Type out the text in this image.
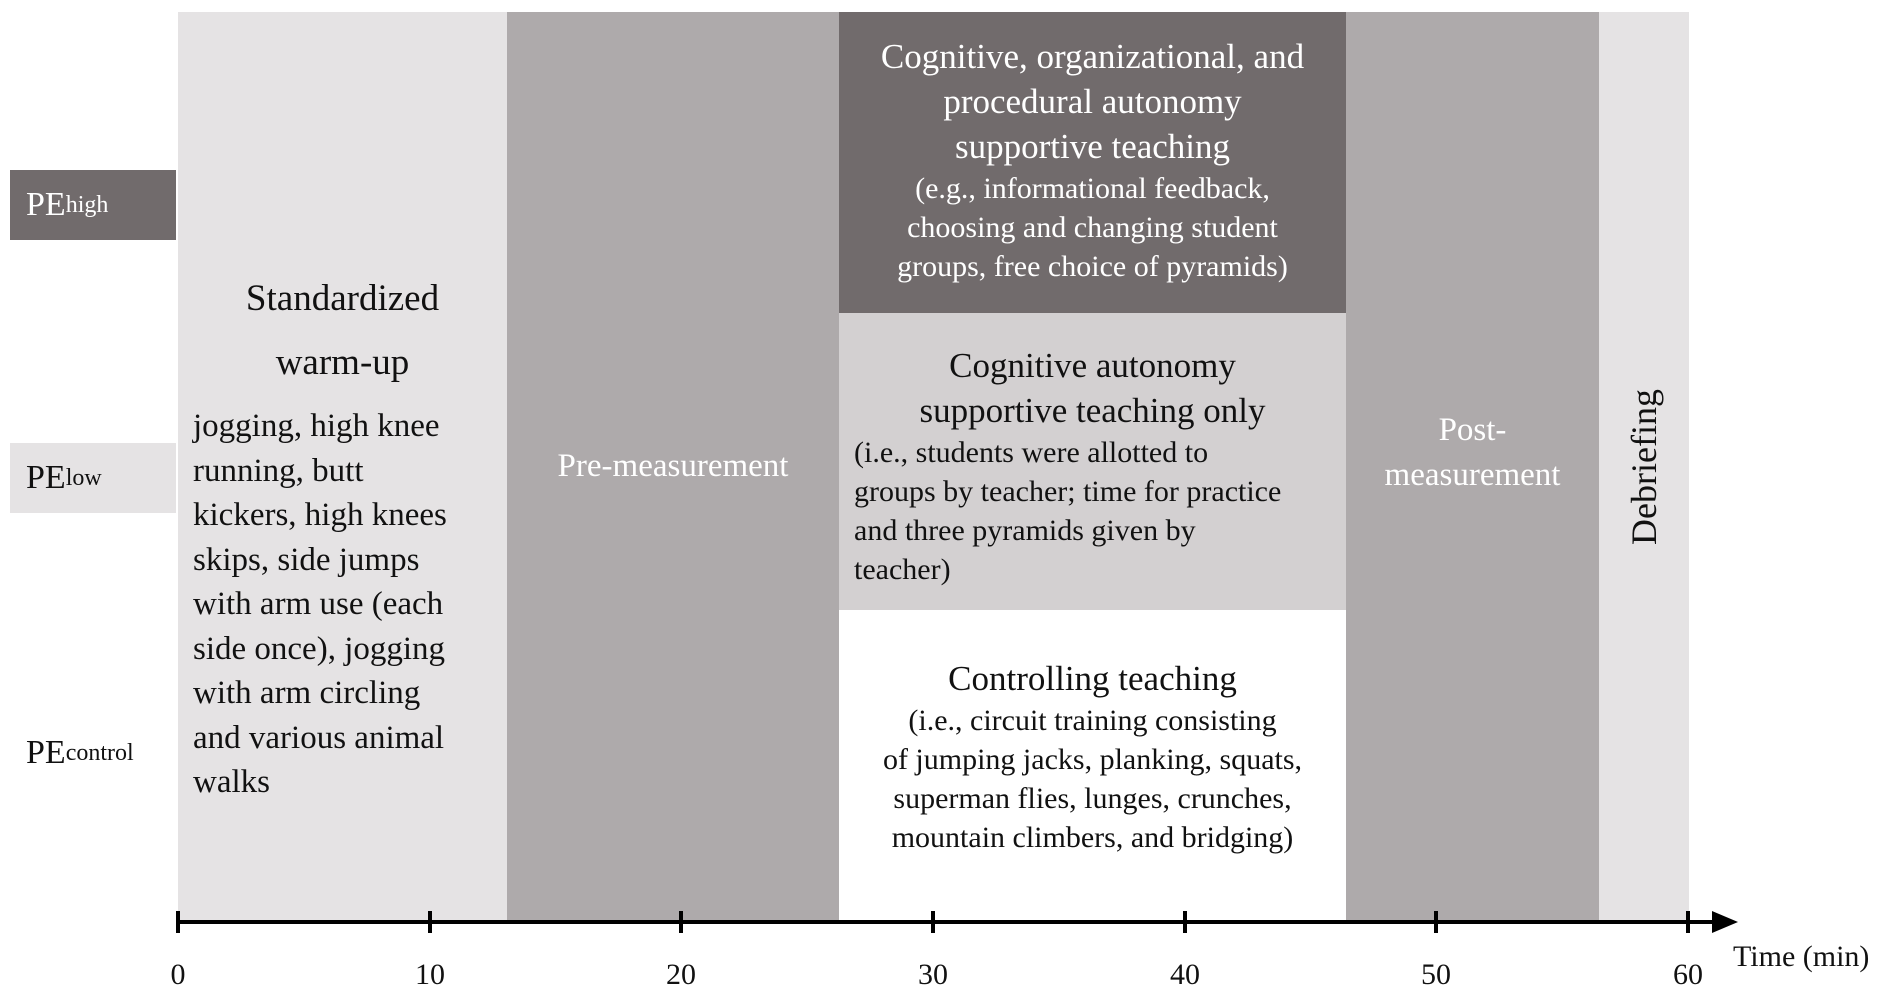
PE high
PE low
PE control
Standardized
warm-up
jogging, high knee
running, butt
kickers, high knees
skips, side jumps
with arm use (each
side once), jogging
with arm circling
and various animal
walks
Pre-measurement
Cognitive, organizational, and
procedural autonomy
supportive teaching
(e.g., informational feedback,
choosing and changing student
groups, free choice of pyramids)
Cognitive autonomy
supportive teaching only
(i.e., students were allotted to
groups by teacher; time for practice
and three pyramids given by
teacher)
Controlling teaching
(i.e., circuit training consisting
of jumping jacks, planking, squats,
superman flies, lunges, crunches,
mountain climbers, and bridging)
Post-
measurement Debriefing
0	10	20	30	40	50	60
Time (min)
